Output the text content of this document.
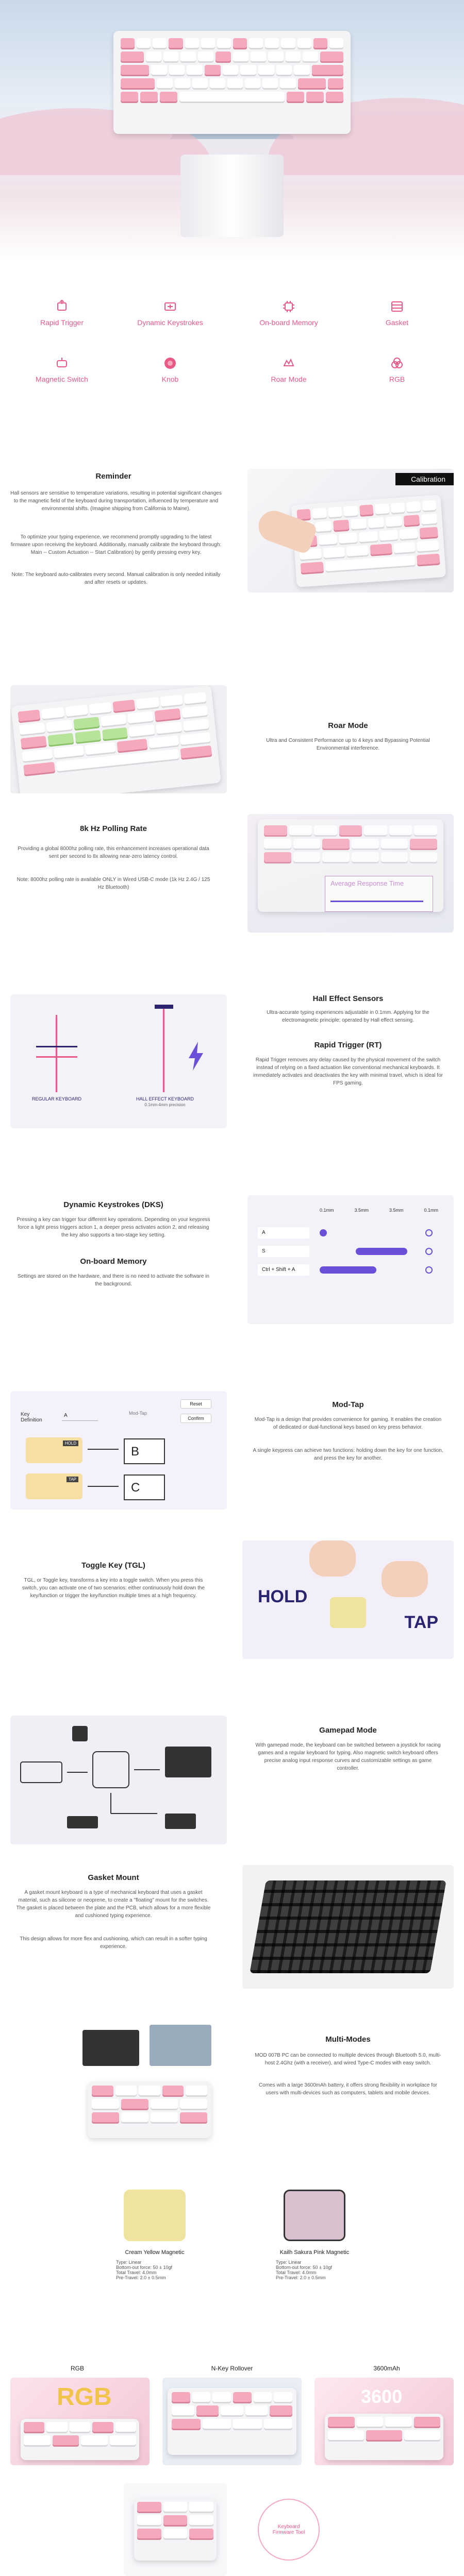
Rapid Trigger	Dynamic Keystrokes	On-board Memory	Gasket
Magnetic Switch	Knob	Roar Mode	RGB
Reminder

Hall sensors are sensitive to temperature variations, resulting in potential significant changes to the magnetic field of the keyboard during transportation, influenced by temperature and environmental shifts. (Imagine shipping from California to Maine).

To optimize your typing experience, we recommend promptly upgrading to the latest firmware upon receiving the keyboard. Additionally, manually calibrate the keyboard through: Main -- Custom Actuation -- Start Calibration) by gently pressing every key.

Note: The keyboard auto-calibrates every second. Manual calibration is only needed initially and after resets or updates.

Calibration
Roar Mode

Ultra and Consistent Performance up to 4 keys and Bypassing Potential Environmental interference.

8k Hz Polling Rate

Providing a global 8000hz polling rate, this enhancement increases operational data sent per second to 8x allowing near-zero latency control.

Note: 8000hz polling rate is available ONLY in Wired USB-C mode (1k Hz 2.4G / 125 Hz Bluetooth)

Average Response Time
REGULAR KEYBOARD	HALL EFFECT KEYBOARD
0.1mm-4mm precision
Hall Effect Sensors

Ultra-accurate typing experiences adjustable in 0.1mm. Applying for the electromagnetic principle; operated by Hall effect sensing.

Rapid Trigger (RT)

Rapid Trigger removes any delay caused by the physical movement of the switch instead of relying on a fixed actuation like conventional mechanical keyboards. It immediately activates and deactivates the key with minimal travel, which is ideal for FPS gaming.

Dynamic Keystrokes (DKS)

Pressing a key can trigger four different key operations. Depending on your keypress force a light press triggers action 1, a deeper press activates action 2, and releasing the key also supports a two-stage key setting.

On-board Memory

Settings are stored on the hardware, and there is no need to activate the software in the background.

0.1mm	3.5mm	3.5mm	0.1mm
A
S
Ctrl + Shift + A
Key Definition
A	Mod-Tap
Reset
Confirm
HOLD
TAP
B
C
Mod-Tap

Mod-Tap is a design that provides convenience for gaming. It enables the creation of dedicated or dual-functional keys based on key press behavior.

A single keypress can achieve two functions: holding down the key for one function, and press the key for another.

Toggle Key (TGL)

TGL, or Toggle key, transforms a key into a toggle switch. When you press this switch, you can activate one of two scenarios: either continuously hold down the key/function or trigger the key/function multiple times at a high frequency.	HOLD
TAP
Gamepad Mode

With gamepad mode, the keyboard can be switched between a joystick for racing games and a regular keyboard for typing. Also magnetic switch keyboard offers precise analog input response curves and customizable settings as game controller.

Gasket Mount

A gasket mount keyboard is a type of mechanical keyboard that uses a gasket material, such as silicone or neoprene, to create a "floating" mount for the switches. The gasket is placed between the plate and the PCB, which allows for a more flexible and cushioned typing experience.

This design allows for more flex and cushioning, which can result in a softer typing experience.

Multi-Modes

MOD 007B PC can be connected to multiple devices through Bluetooth 5.0, multi-host 2.4Ghz (with a receiver), and wired Type-C modes with easy switch.

Comes with a large 3600mAh battery, it offers strong flexibility in workplace for users with multi-devices such as computers, tablets and mobile devices.

Cream Yellow Magnetic
Type: Linear
Bottom-out force: 50 ± 10gf
Total Travel: 4.0mm
Pre-Travel: 2.0 ± 0.5mm
Kailh Sakura Pink Magnetic
Type: Linear
Bottom-out force: 50 ± 10gf
Total Travel: 4.0mm
Pre-Travel: 2.0 ± 0.5mm
RGB	N-Key Rollover	3600mAh
RGB	3600
Keyboard Firmware Tool
